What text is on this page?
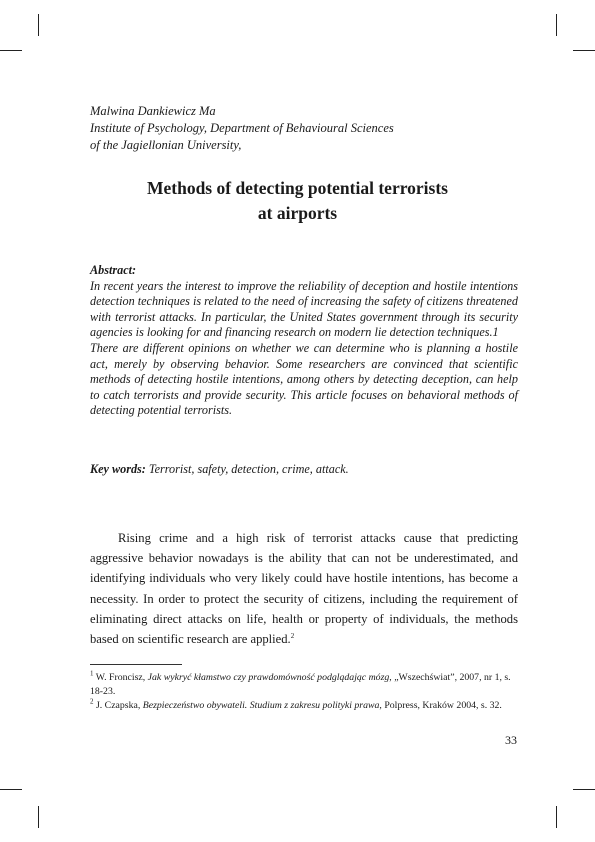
Malwina Dankiewicz Ma
Institute of Psychology, Department of Behavioural Sciences
of the Jagiellonian University,
Methods of detecting potential terrorists
at airports
Abstract:

In recent years the interest to improve the reliability of deception and hostile intentions detection techniques is related to the need of increasing the safety of citizens threatened with terrorist attacks. In particular, the United States government through its security agencies is looking for and financing research on modern lie detection techniques.1

There are different opinions on whether we can determine who is planning a hostile act, merely by observing behavior. Some researchers are convinced that scientific methods of detecting hostile intentions, among others by detecting deception, can help to catch terrorists and provide security. This article focuses on behavioral methods of detecting potential terrorists.

Key words: Terrorist, safety, detection, crime, attack.

Rising crime and a high risk of terrorist attacks cause that predicting aggressive behavior nowadays is the ability that can not be underestimated, and identifying individuals who very likely could have hostile intentions, has become a necessity. In order to protect the security of citizens, including the requirement of eliminating direct attacks on life, health or property of individuals, the methods based on scientific research are applied.$^2$

$^1$ W. Froncisz, Jak wykryć kłamstwo czy prawdomówność podglądając mózg, „Wszechświat”, 2007, nr 1, s. 18-23.
$^2$ J. Czapska, Bezpieczeństwo obywateli. Studium z zakresu polityki prawa, Polpress, Kraków 2004, s. 32.
33
